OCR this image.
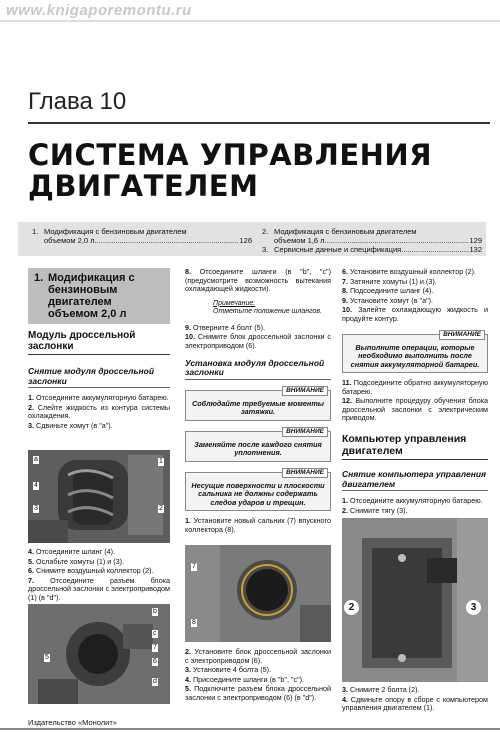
www.knigaporemontu.ru
Глава 10
СИСТЕМА УПРАВЛЕНИЯ
ДВИГАТЕЛЕМ
1. Модификация с бензиновым двигателем
объемом 2,0 л .....	126
2. Модификация с бензиновым двигателем
объемом 1,6 л .....	129
3. Сервисные данные и спецификация .....	132
1. Модификация с бензиновым двигателем объемом 2,0 л
Модуль дроссельной заслонки
Снятие модуля дроссельной заслонки

1. Отсоедините аккумуляторную батарею.

2. Слейте жидкость из контура системы охлаждения.

3. Сдвиньте хомут (в "a").

a	1
4
2
3

4. Отсоедините шланг (4).

5. Ослабьте хомуты (1) и (3).

6. Снимите воздушный коллектор (2).

7. Отсоедините разъем блока дроссельной заслонки с электроприводом (1) (в "d").

b
c
5
7
6
d
8. Отсоедините шланги (в "b", "c") (предусмотрите возможность вытекания охлаждающей жидкости).
Примечание:
Отметьте положение шлангов.

9. Отверните 4 болт (5).

10. Снимите блок дроссельной заслонки с электроприводом (6).

Установка модуля дроссельной заслонки
ВНИМАНИЕ
Соблюдайте требуемые моменты затяжки.
ВНИМАНИЕ
Заменяйте после каждого снятия уплотнения.
ВНИМАНИЕ
Несущие поверхности и плоскости сальника не должны содержать следов ударов и трещин.
1. Установите новый сальник (7) впускного коллектора (8).
7
8

2. Установите блок дроссельной заслонки с электроприводом (6).

3. Установите 4 болта (5).

4. Присоедините шланги (в "b", "c").

5. Подключите разъем блока дроссельной заслонки с электроприводом (6) (в "d").

6. Установите воздушный коллектор (2).

7. Затяните хомуты (1) и (3).

8. Подсоедините шланг (4).

9. Установите хомут (в "a").

10. Залейте охлаждающую жидкость и продуйте контур.

ВНИМАНИЕ
Выполните операции, которые необходимо выполнить после снятия аккумуляторной батареи.

11. Подсоедините обратно аккумуляторную батарею.

12. Выполните процедуру обучения блока дроссельной заслонки с электрическим приводом.

Компьютер управления двигателем
Снятие компьютера управления двигателем

1. Отсоедините аккумуляторную батарею.

2. Снимите тягу (3).

2	3

3. Снимите 2 болта (2).

4. Сдвиньте опору в сборе с компьютером управления двигателем (1).

Издательство «Монолит»
